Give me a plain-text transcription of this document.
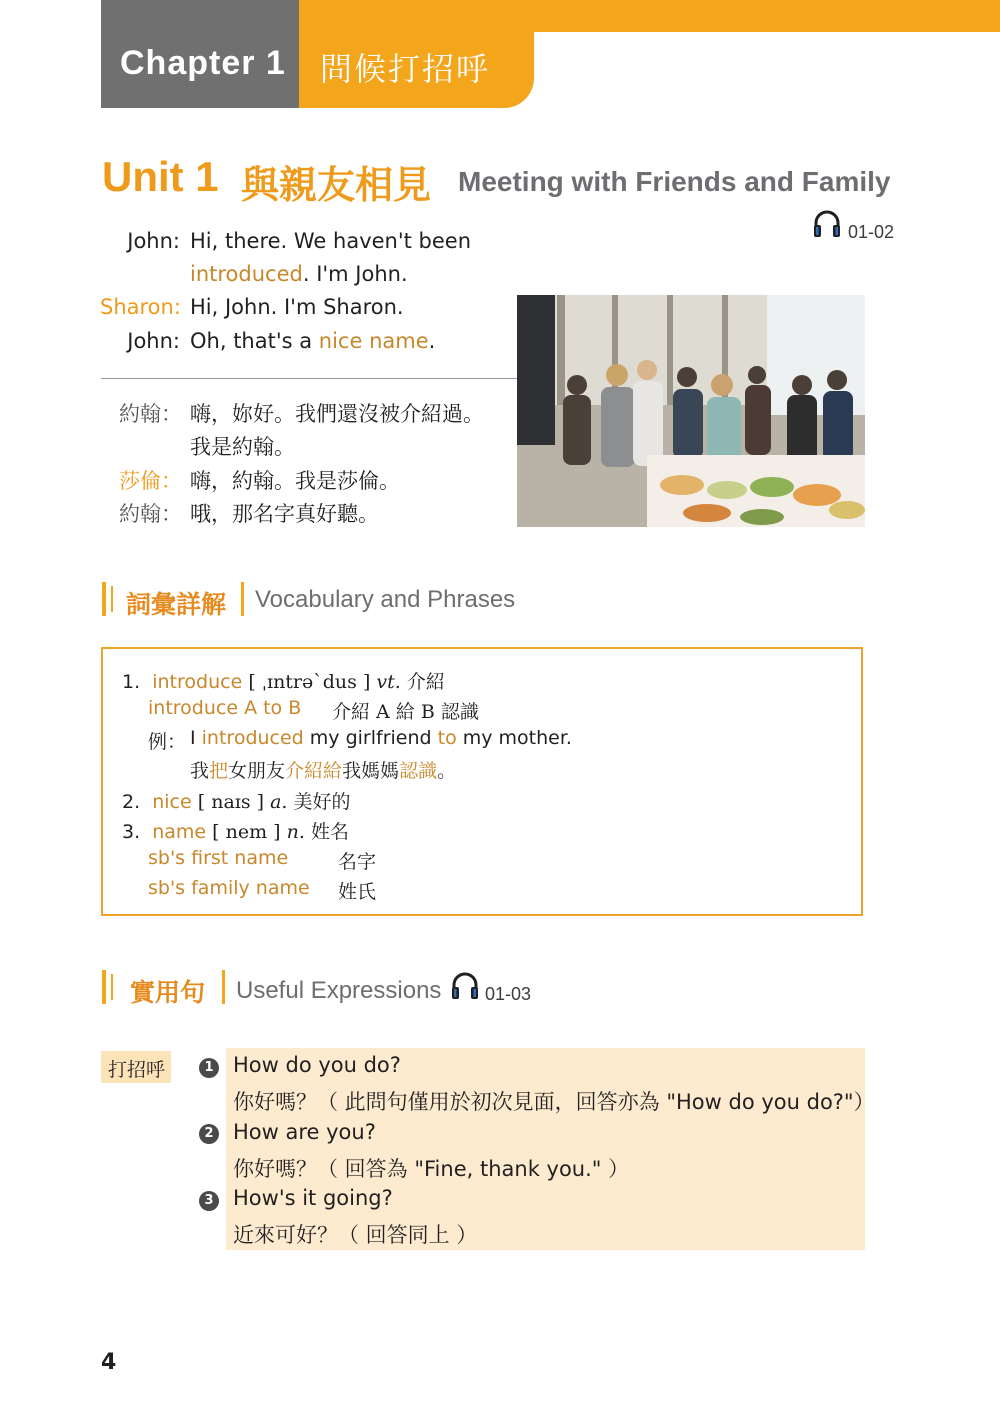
Chapter 1 問候打招呼
Unit 1 與親友相見 Meeting with Friends and Family
01-02
John: Hi, there. We haven't been
introduced. I'm John.
Sharon: Hi, John. I'm Sharon.
John: Oh, that's a nice name.
約翰： 嗨，妳好。我們還沒被介紹過。
我是約翰。
莎倫： 嗨，約翰。我是莎倫。
約翰： 哦，那名字真好聽。
詞彙詳解 Vocabulary and Phrases
1. introduce [ ˌɪntrəˋdus ] vt. 介紹
introduce A to B 介紹 A 給 B 認識
例： I introduced my girlfriend to my mother.
我把女朋友介紹給我媽媽認識。
2. nice [ naɪs ] a. 美好的
3. name [ nem ] n. 姓名
sb's first name	名字
sb's family name 姓氏
實用句 Useful Expressions 01-03
打招呼	1 How do you do?
你好嗎？（ 此問句僅用於初次見面，回答亦為 "How do you do?"）
2 How are you?
你好嗎？（ 回答為 "Fine, thank you." ）
3 How's it going?
近來可好？（ 回答同上 ）
4
